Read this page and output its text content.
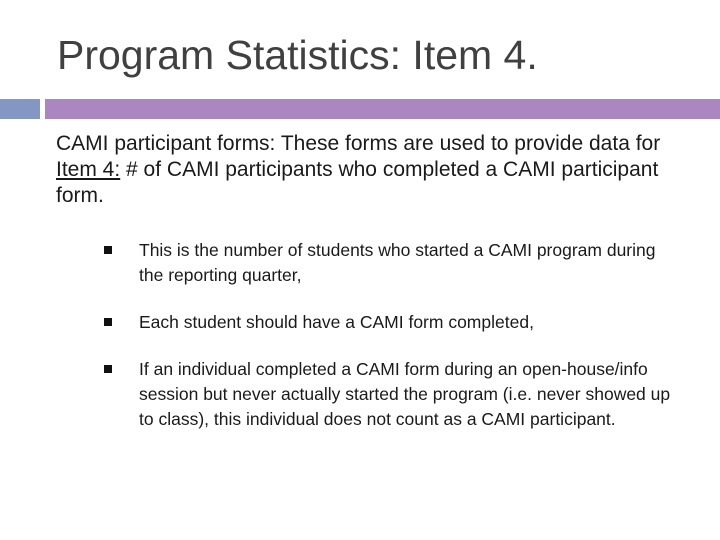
Program Statistics: Item 4.
CAMI participant forms: These forms are used to provide data for Item 4: # of CAMI participants who completed a CAMI participant form.
This is the number of students who started a CAMI program during the reporting quarter,
Each student should have a CAMI form completed,
If an individual completed a CAMI form during an open-house/info session but never actually started the program (i.e. never showed up to class), this individual does not count as a CAMI participant.
